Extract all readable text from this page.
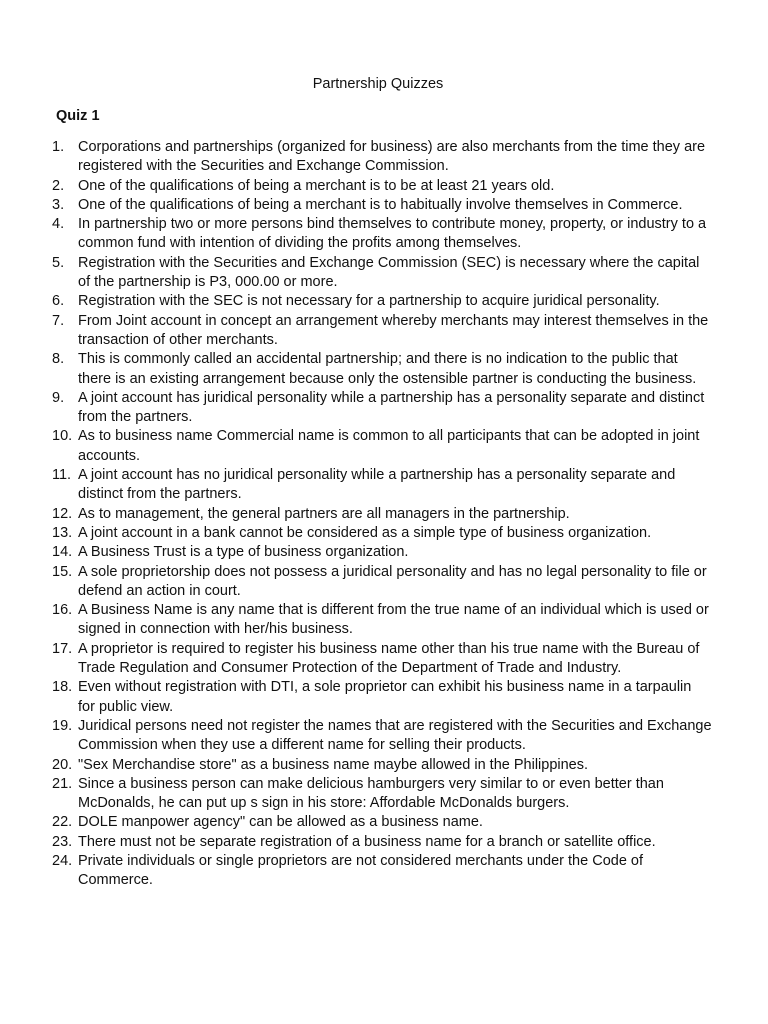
Partnership Quizzes
Quiz 1
1. Corporations and partnerships (organized for business) are also merchants from the time they are registered with the Securities and Exchange Commission.
2. One of the qualifications of being a merchant is to be at least 21 years old.
3. One of the qualifications of being a merchant is to habitually involve themselves in Commerce.
4. In partnership two or more persons bind themselves to contribute money, property, or industry to a common fund with intention of dividing the profits among themselves.
5. Registration with the Securities and Exchange Commission (SEC) is necessary where the capital of the partnership is P3, 000.00 or more.
6. Registration with the SEC is not necessary for a partnership to acquire juridical personality.
7. From Joint account in concept an arrangement whereby merchants may interest themselves in the transaction of other merchants.
8. This is commonly called an accidental partnership; and there is no indication to the public that there is an existing arrangement because only the ostensible partner is conducting the business.
9. A joint account has juridical personality while a partnership has a personality separate and distinct from the partners.
10. As to business name Commercial name is common to all participants that can be adopted in joint accounts.
11. A joint account has no juridical personality while a partnership has a personality separate and distinct from the partners.
12. As to management, the general partners are all managers in the partnership.
13. A joint account in a bank cannot be considered as a simple type of business organization.
14. A Business Trust is a type of business organization.
15. A sole proprietorship does not possess a juridical personality and has no legal personality to file or defend an action in court.
16. A Business Name is any name that is different from the true name of an individual which is used or signed in connection with her/his business.
17. A proprietor is required to register his business name other than his true name with the Bureau of Trade Regulation and Consumer Protection of the Department of Trade and Industry.
18. Even without registration with DTI, a sole proprietor can exhibit his business name in a tarpaulin for public view.
19. Juridical persons need not register the names that are registered with the Securities and Exchange Commission when they use a different name for selling their products.
20. "Sex Merchandise store" as a business name maybe allowed in the Philippines.
21. Since a business person can make delicious hamburgers very similar to or even better than McDonalds, he can put up s sign in his store: Affordable McDonalds burgers.
22. DOLE manpower agency" can be allowed as a business name.
23. There must not be separate registration of a business name for a branch or satellite office.
24. Private individuals or single proprietors are not considered merchants under the Code of Commerce.
